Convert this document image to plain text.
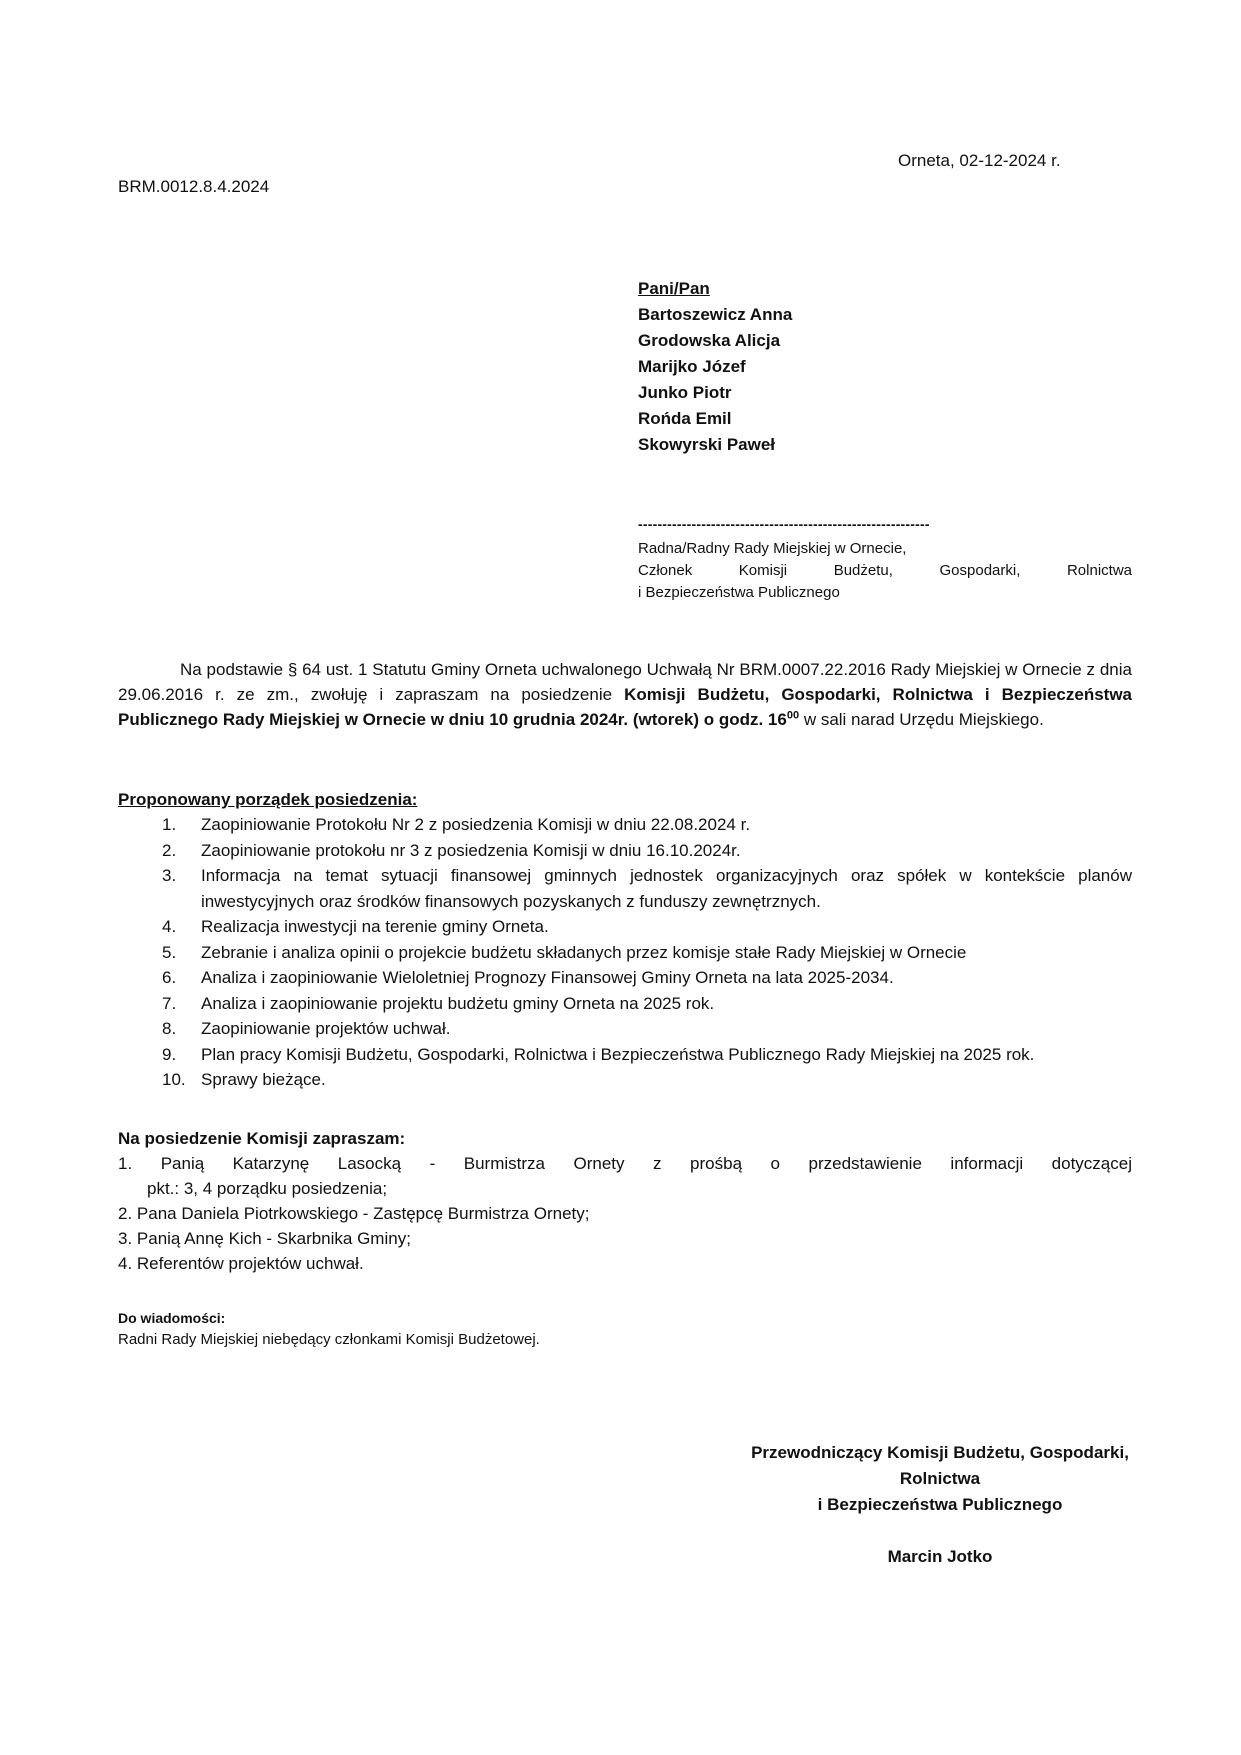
Orneta, 02-12-2024 r.
BRM.0012.8.4.2024
Pani/Pan
Bartoszewicz Anna
Grodowska Alicja
Marijko Józef
Junko Piotr
Rońda Emil
Skowyrski Paweł
------------------------------------------------------------
Radna/Radny Rady Miejskiej w Ornecie,
Członek Komisji Budżetu, Gospodarki, Rolnictwa
i Bezpieczeństwa Publicznego
Na podstawie § 64 ust. 1 Statutu Gminy Orneta uchwalonego Uchwałą Nr BRM.0007.22.2016 Rady Miejskiej w Ornecie z dnia 29.06.2016 r. ze zm., zwołuję i zapraszam na posiedzenie Komisji Budżetu, Gospodarki, Rolnictwa i Bezpieczeństwa Publicznego Rady Miejskiej w Ornecie w dniu 10 grudnia 2024r. (wtorek) o godz. $16^{00}$ w sali narad Urzędu Miejskiego.
Proponowany porządek posiedzenia:
1.	Zaopiniowanie Protokołu Nr 2 z posiedzenia Komisji w dniu 22.08.2024 r.
2.	Zaopiniowanie protokołu nr 3 z posiedzenia Komisji w dniu 16.10.2024r.
3.	Informacja na temat sytuacji finansowej gminnych jednostek organizacyjnych oraz spółek w kontekście planów inwestycyjnych oraz środków finansowych pozyskanych z funduszy zewnętrznych.
4.	Realizacja inwestycji na terenie gminy Orneta.
5.	Zebranie i analiza opinii o projekcie budżetu składanych przez komisje stałe Rady Miejskiej w Ornecie
6.	Analiza i zaopiniowanie Wieloletniej Prognozy Finansowej Gminy Orneta na lata 2025-2034.
7.	Analiza i zaopiniowanie projektu budżetu gminy Orneta na 2025 rok.
8.	Zaopiniowanie projektów uchwał.
9.	Plan pracy Komisji Budżetu, Gospodarki, Rolnictwa i Bezpieczeństwa Publicznego Rady Miejskiej na 2025 rok.
10. Sprawy bieżące.
Na posiedzenie Komisji zapraszam:
1. Panią Katarzynę Lasocką - Burmistrza Ornety z prośbą o przedstawienie informacji dotyczącej
pkt.: 3, 4 porządku posiedzenia;
2. Pana Daniela Piotrkowskiego - Zastępcę Burmistrza Ornety;
3. Panią Annę Kich - Skarbnika Gminy;
4. Referentów projektów uchwał.
Do wiadomości:
Radni Rady Miejskiej niebędący członkami Komisji Budżetowej.
Przewodniczący Komisji Budżetu, Gospodarki,
Rolnictwa
i Bezpieczeństwa Publicznego
Marcin Jotko
